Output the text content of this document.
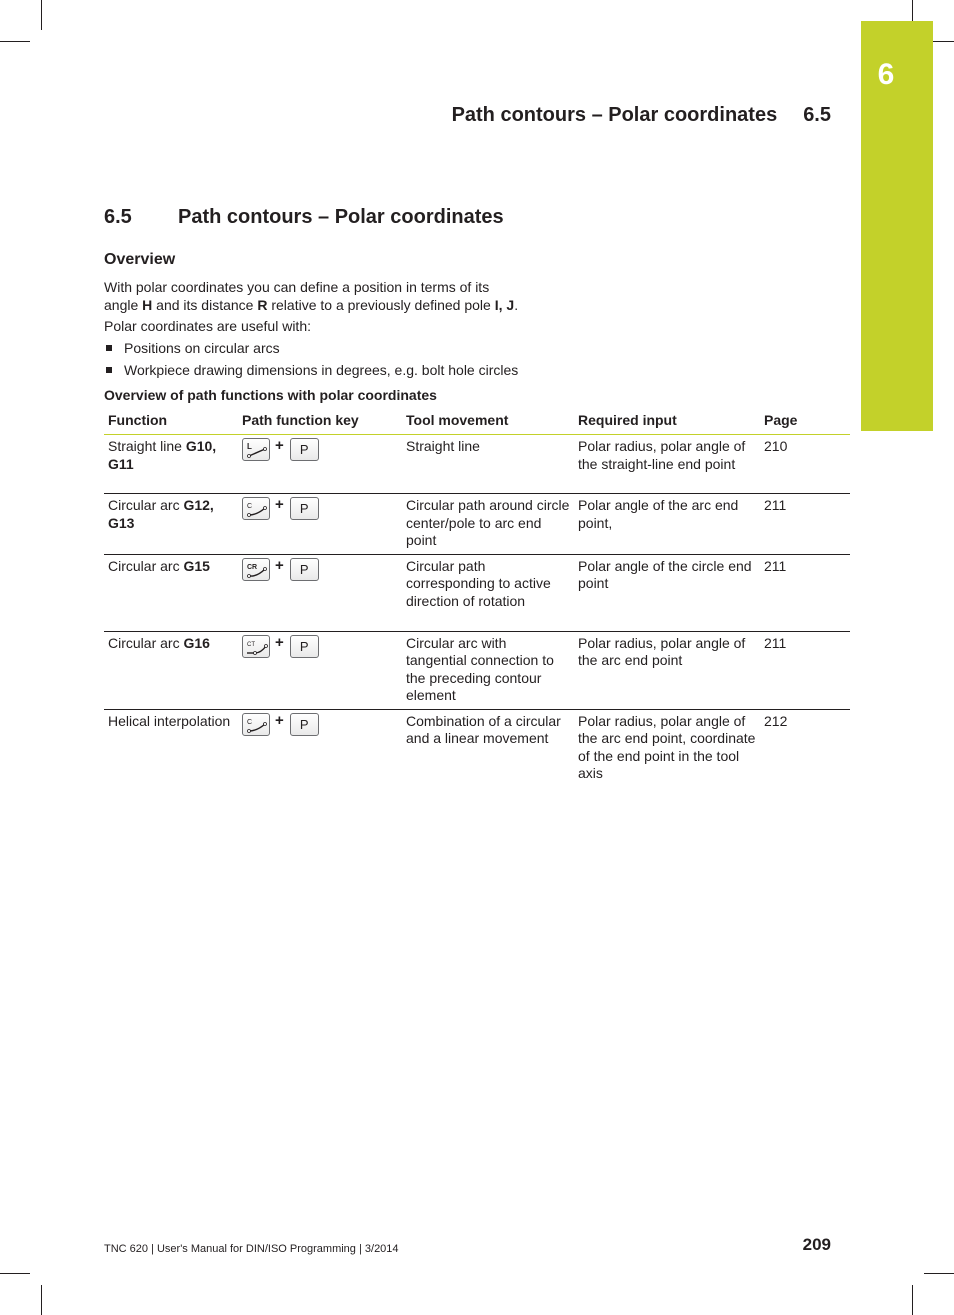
6
Path contours – Polar coordinates 6.5
6.5 Path contours – Polar coordinates
Overview
With polar coordinates you can define a position in terms of its
angle H and its distance R relative to a previously defined pole I, J.
Polar coordinates are useful with:
Positions on circular arcs
Workpiece drawing dimensions in degrees, e.g. bolt hole circles
Overview of path functions with polar coordinates
Function	Path function key	Tool movement	Required input	Page
Straight line G10, G11	L + P	Straight line	Polar radius, polar angle of the straight-line end point	210
Circular arc G12, G13	C + P	Circular path around circle center/pole to arc end point	Polar angle of the arc end point,	211
Circular arc G15	CR + P	Circular path corresponding to active direction of rotation	Polar angle of the circle end point	211
Circular arc G16	CT + P	Circular arc with tangential connection to the preceding contour element	Polar radius, polar angle of the arc end point	211
Helical interpolation	C + P	Combination of a circular and a linear movement	Polar radius, polar angle of the arc end point, coordinate of the end point in the tool axis	212
TNC 620 | User's Manual for DIN/ISO Programming | 3/2014	209
